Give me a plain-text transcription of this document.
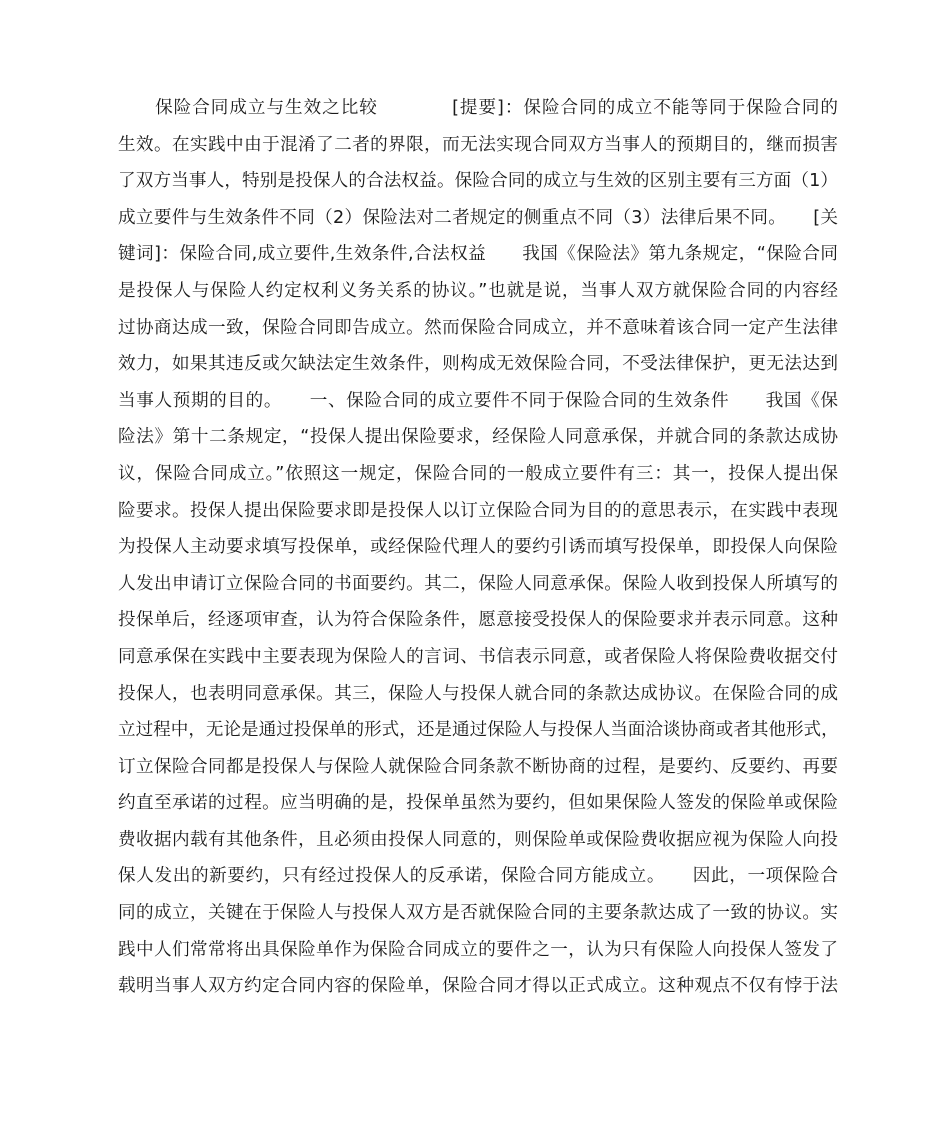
　　保险合同成立与生效之比较　　　　[提要]：保险合同的成立不能等同于保险合同的
生效。在实践中由于混淆了二者的界限，而无法实现合同双方当事人的预期目的，继而损害
了双方当事人，特别是投保人的合法权益。保险合同的成立与生效的区别主要有三方面（1）
成立要件与生效条件不同（2）保险法对二者规定的侧重点不同（3）法律后果不同。　　[关
键词]：保险合同,成立要件,生效条件,合法权益　　我国《保险法》第九条规定，“保险合同
是投保人与保险人约定权利义务关系的协议。”也就是说，当事人双方就保险合同的内容经
过协商达成一致，保险合同即告成立。然而保险合同成立，并不意味着该合同一定产生法律
效力，如果其违反或欠缺法定生效条件，则构成无效保险合同，不受法律保护，更无法达到
当事人预期的目的。　　一、保险合同的成立要件不同于保险合同的生效条件　　我国《保
险法》第十二条规定，“投保人提出保险要求，经保险人同意承保，并就合同的条款达成协
议，保险合同成立。”依照这一规定，保险合同的一般成立要件有三：其一，投保人提出保
险要求。投保人提出保险要求即是投保人以订立保险合同为目的的意思表示，在实践中表现
为投保人主动要求填写投保单，或经保险代理人的要约引诱而填写投保单，即投保人向保险
人发出申请订立保险合同的书面要约。其二，保险人同意承保。保险人收到投保人所填写的
投保单后，经逐项审查，认为符合保险条件，愿意接受投保人的保险要求并表示同意。这种
同意承保在实践中主要表现为保险人的言词、书信表示同意，或者保险人将保险费收据交付
投保人，也表明同意承保。其三，保险人与投保人就合同的条款达成协议。在保险合同的成
立过程中，无论是通过投保单的形式，还是通过保险人与投保人当面洽谈协商或者其他形式，
订立保险合同都是投保人与保险人就保险合同条款不断协商的过程，是要约、反要约、再要
约直至承诺的过程。应当明确的是，投保单虽然为要约，但如果保险人签发的保险单或保险
费收据内载有其他条件，且必须由投保人同意的，则保险单或保险费收据应视为保险人向投
保人发出的新要约，只有经过投保人的反承诺，保险合同方能成立。　　因此，一项保险合
同的成立，关键在于保险人与投保人双方是否就保险合同的主要条款达成了一致的协议。实
践中人们常常将出具保险单作为保险合同成立的要件之一，认为只有保险人向投保人签发了
载明当事人双方约定合同内容的保险单，保险合同才得以正式成立。这种观点不仅有悖于法
